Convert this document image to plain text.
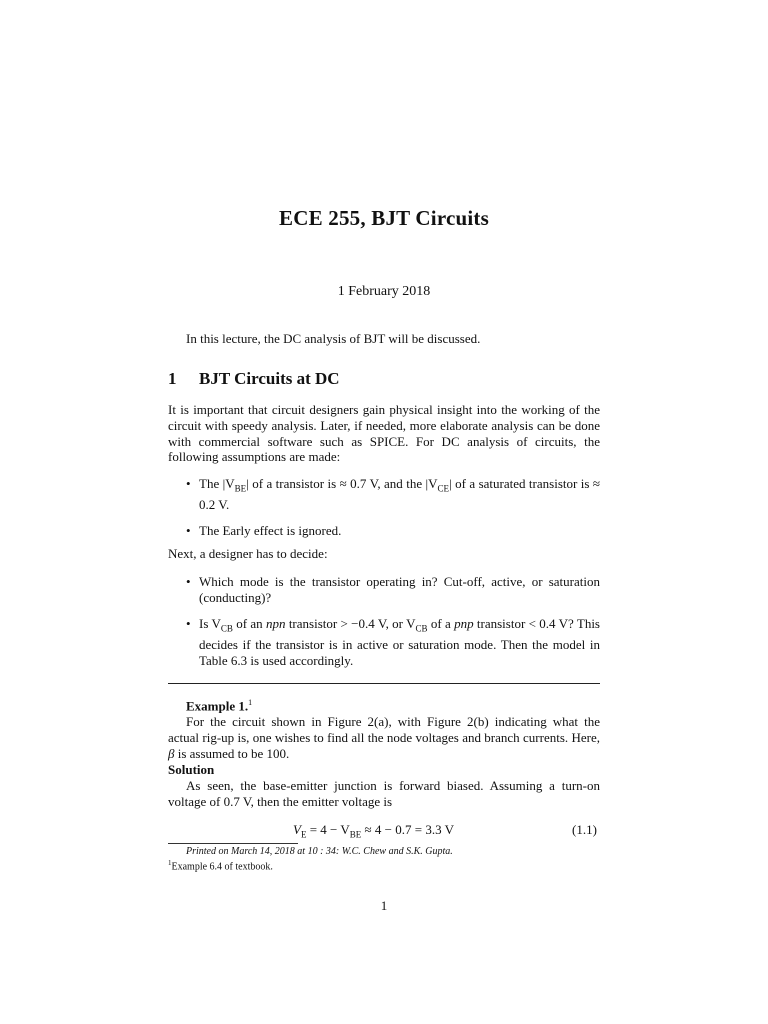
ECE 255, BJT Circuits
1 February 2018
In this lecture, the DC analysis of BJT will be discussed.
1 BJT Circuits at DC
It is important that circuit designers gain physical insight into the working of the circuit with speedy analysis. Later, if needed, more elaborate analysis can be done with commercial software such as SPICE. For DC analysis of circuits, the following assumptions are made:
• The $|V_{BE}|$ of a transistor is ≈ 0.7 V, and the $|V_{CE}|$ of a saturated transistor is ≈ 0.2 V.
• The Early effect is ignored.
Next, a designer has to decide:
• Which mode is the transistor operating in? Cut-off, active, or saturation (conducting)?
• Is $V_{CB}$ of an npn transistor > −0.4 V, or $V_{CB}$ of a pnp transistor < 0.4 V? This decides if the transistor is in active or saturation mode. Then the model in Table 6.3 is used accordingly.
Example 1.$^1$
For the circuit shown in Figure 2(a), with Figure 2(b) indicating what the actual rig-up is, one wishes to find all the node voltages and branch currents. Here, β is assumed to be 100.
Solution
As seen, the base-emitter junction is forward biased. Assuming a turn-on voltage of 0.7 V, then the emitter voltage is
$V_E = 4 - V_{BE} \approx 4 - 0.7 = 3.3$ V	(1.1)
Printed on March 14, 2018 at 10 : 34: W.C. Chew and S.K. Gupta.
$^1$Example 6.4 of textbook.
1
